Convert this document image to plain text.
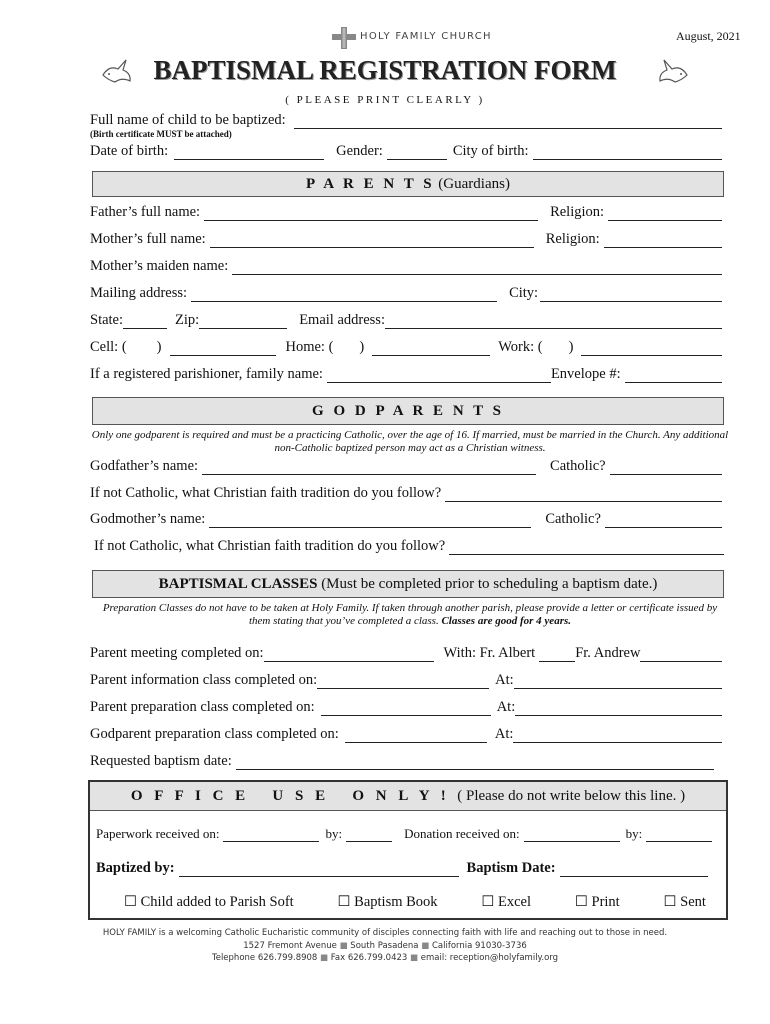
HOLY FAMILY CHURCH	August, 2021
BAPTISMAL REGISTRATION FORM
( PLEASE PRINT CLEARLY )
Full name of child to be baptized:
(Birth certificate MUST be attached)
Date of birth:	Gender:	City of birth:
P A R E N T S
(Guardians)
Father’s full name:	Religion:
Mother’s full name:	Religion:
Mother’s maiden name:
Mailing address:	City:
State:	Zip:	Email address:
Cell: ( )	Home: ( )	Work: ( )
If a registered parishioner, family name:	Envelope #:
G O D P A R E N T S
Only one godparent is required and must be a practicing Catholic, over the age of 16. If married, must be married in the Church. Any additional non-Catholic baptized person may act as a Christian witness.
Godfather’s name:	Catholic?
If not Catholic, what Christian faith tradition do you follow?
Godmother’s name:	Catholic?
If not Catholic, what Christian faith tradition do you follow?
BAPTISMAL CLASSES
(Must be completed prior to scheduling a baptism date.)
Preparation Classes do not have to be taken at Holy Family. If taken through another parish, please provide a letter or certificate issued by them stating that you’ve completed a class. Classes are good for 4 years.
Parent meeting completed on:	With: Fr. Albert	Fr. Andrew
Parent information class completed on:	At:
Parent preparation class completed on:	At:
Godparent preparation class completed on:	At:
Requested baptism date:
O F F I C E   U S E   O N L Y !
( Please do not write below this line. )
Paperwork received on:	by:	Donation received on:	by:
Baptized by:	Baptism Date:
☐ Child added to Parish Soft	☐ Baptism Book	☐ Excel	☐ Print	☐ Sent
HOLY FAMILY is a welcoming Catholic Eucharistic community of disciples connecting faith with life and reaching out to those in need.
1527 Fremont Avenue ■ South Pasadena ■ California 91030-3736
Telephone 626.799.8908 ■ Fax 626.799.0423 ■ email: reception@holyfamily.org
